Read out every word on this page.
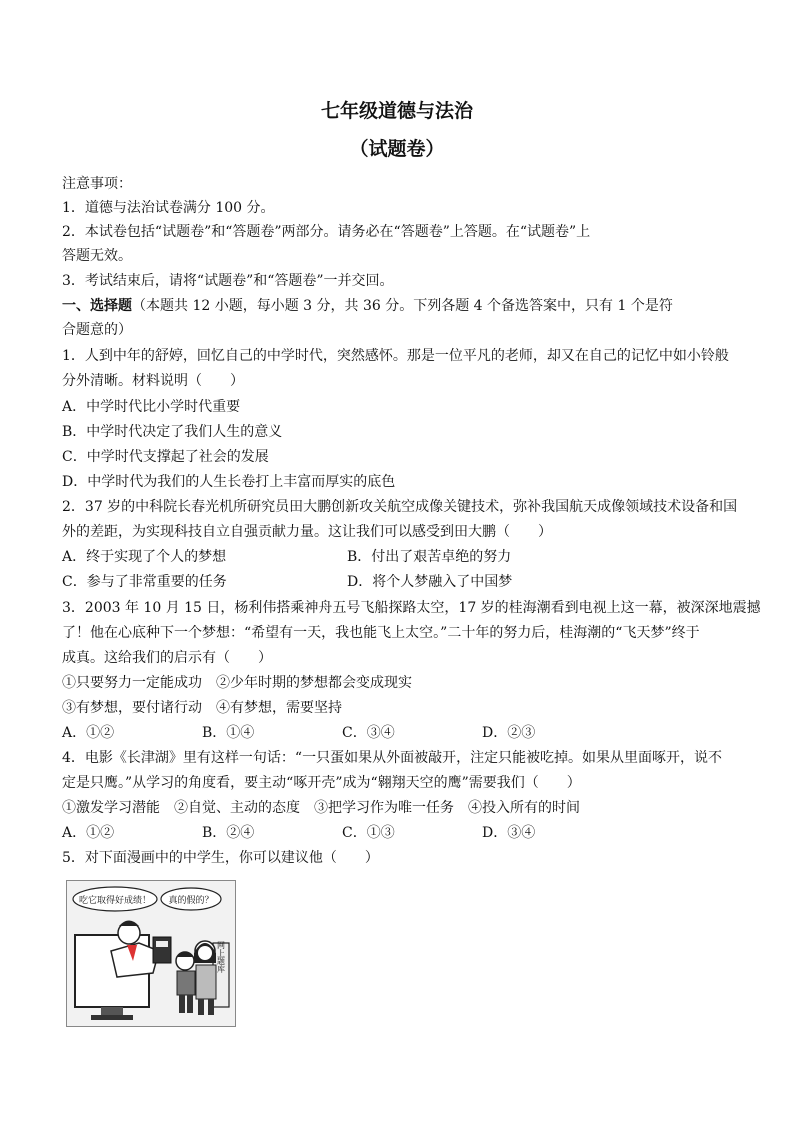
七年级道德与法治
（试题卷）
注意事项：
1．道德与法治试卷满分 100 分。
2．本试卷包括“试题卷”和“答题卷”两部分。请务必在“答题卷”上答题。在“试题卷”上
答题无效。
3．考试结束后，请将“试题卷”和“答题卷”一并交回。
一、选择题（本题共 12 小题，每小题 3 分，共 36 分。下列各题 4 个备选答案中，只有 1 个是符
合题意的）
1．人到中年的舒婷，回忆自己的中学时代，突然感怀。那是一位平凡的老师，却又在自己的记忆中如小铃般
分外清晰。材料说明（　　）
A．中学时代比小学时代重要
B．中学时代决定了我们人生的意义
C．中学时代支撑起了社会的发展
D．中学时代为我们的人生长卷打上丰富而厚实的底色
2．37 岁的中科院长春光机所研究员田大鹏创新攻关航空成像关键技术，弥补我国航天成像领域技术设备和国
外的差距，为实现科技自立自强贡献力量。这让我们可以感受到田大鹏（　　）
A．终于实现了个人的梦想	B．付出了艰苦卓绝的努力
C．参与了非常重要的任务	D．将个人梦融入了中国梦
3．2003 年 10 月 15 日，杨利伟搭乘神舟五号飞船探路太空，17 岁的桂海潮看到电视上这一幕，被深深地震撼
了！他在心底种下一个梦想：“希望有一天，我也能飞上太空。”二十年的努力后，桂海潮的“飞天梦”终于
成真。这给我们的启示有（　　）
①只要努力一定能成功　②少年时期的梦想都会变成现实
③有梦想，要付诸行动　④有梦想，需要坚持
A．①②	B．①④	C．③④	D．②③
4．电影《长津湖》里有这样一句话：“一只蛋如果从外面被敲开，注定只能被吃掉。如果从里面啄开，说不
定是只鹰。”从学习的角度看，要主动“啄开壳”成为“翱翔天空的鹰”需要我们（　　）
①激发学习潜能　②自觉、主动的态度　③把学习作为唯一任务　④投入所有的时间
A．①②	B．②④	C．①③	D．③④
5．对下面漫画中的中学生，你可以建议他（　　）
吃它取得好成绩！ 真的假的？
网上题库
